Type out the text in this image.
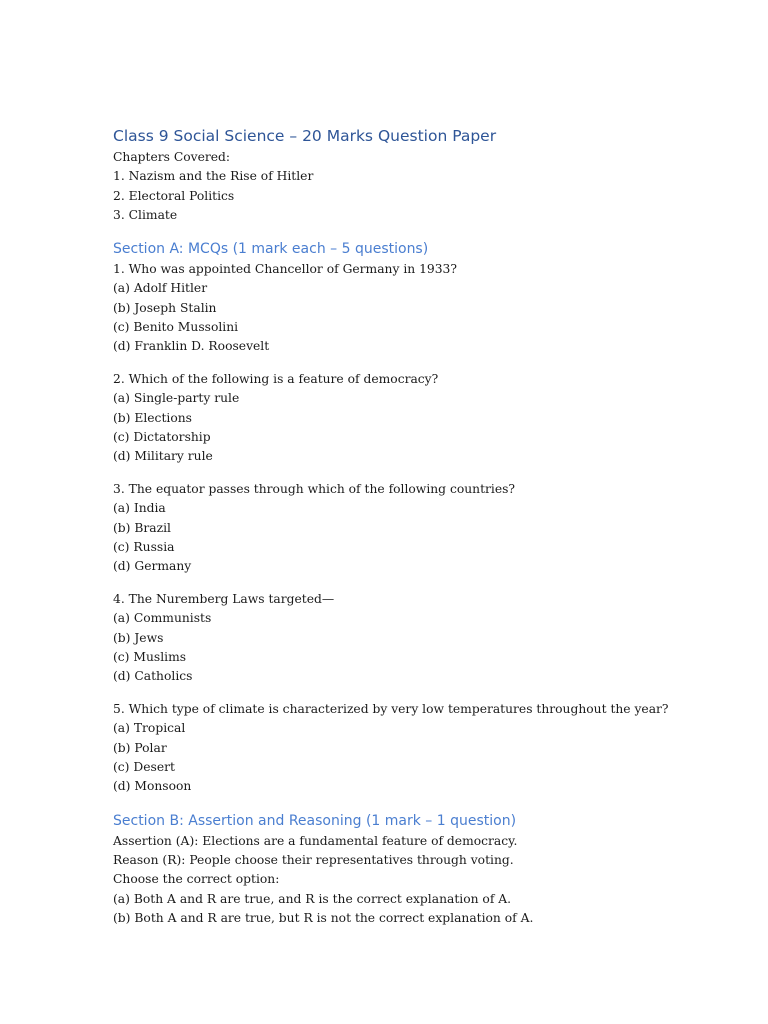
Class 9 Social Science – 20 Marks Question Paper
Chapters Covered:
1. Nazism and the Rise of Hitler
2. Electoral Politics
3. Climate
Section A: MCQs (1 mark each – 5 questions)
1. Who was appointed Chancellor of Germany in 1933?
(a) Adolf Hitler
(b) Joseph Stalin
(c) Benito Mussolini
(d) Franklin D. Roosevelt
2. Which of the following is a feature of democracy?
(a) Single-party rule
(b) Elections
(c) Dictatorship
(d) Military rule
3. The equator passes through which of the following countries?
(a) India
(b) Brazil
(c) Russia
(d) Germany
4. The Nuremberg Laws targeted—
(a) Communists
(b) Jews
(c) Muslims
(d) Catholics
5. Which type of climate is characterized by very low temperatures throughout the year?
(a) Tropical
(b) Polar
(c) Desert
(d) Monsoon
Section B: Assertion and Reasoning (1 mark – 1 question)
Assertion (A): Elections are a fundamental feature of democracy.
Reason (R): People choose their representatives through voting.
Choose the correct option:
(a) Both A and R are true, and R is the correct explanation of A.
(b) Both A and R are true, but R is not the correct explanation of A.
